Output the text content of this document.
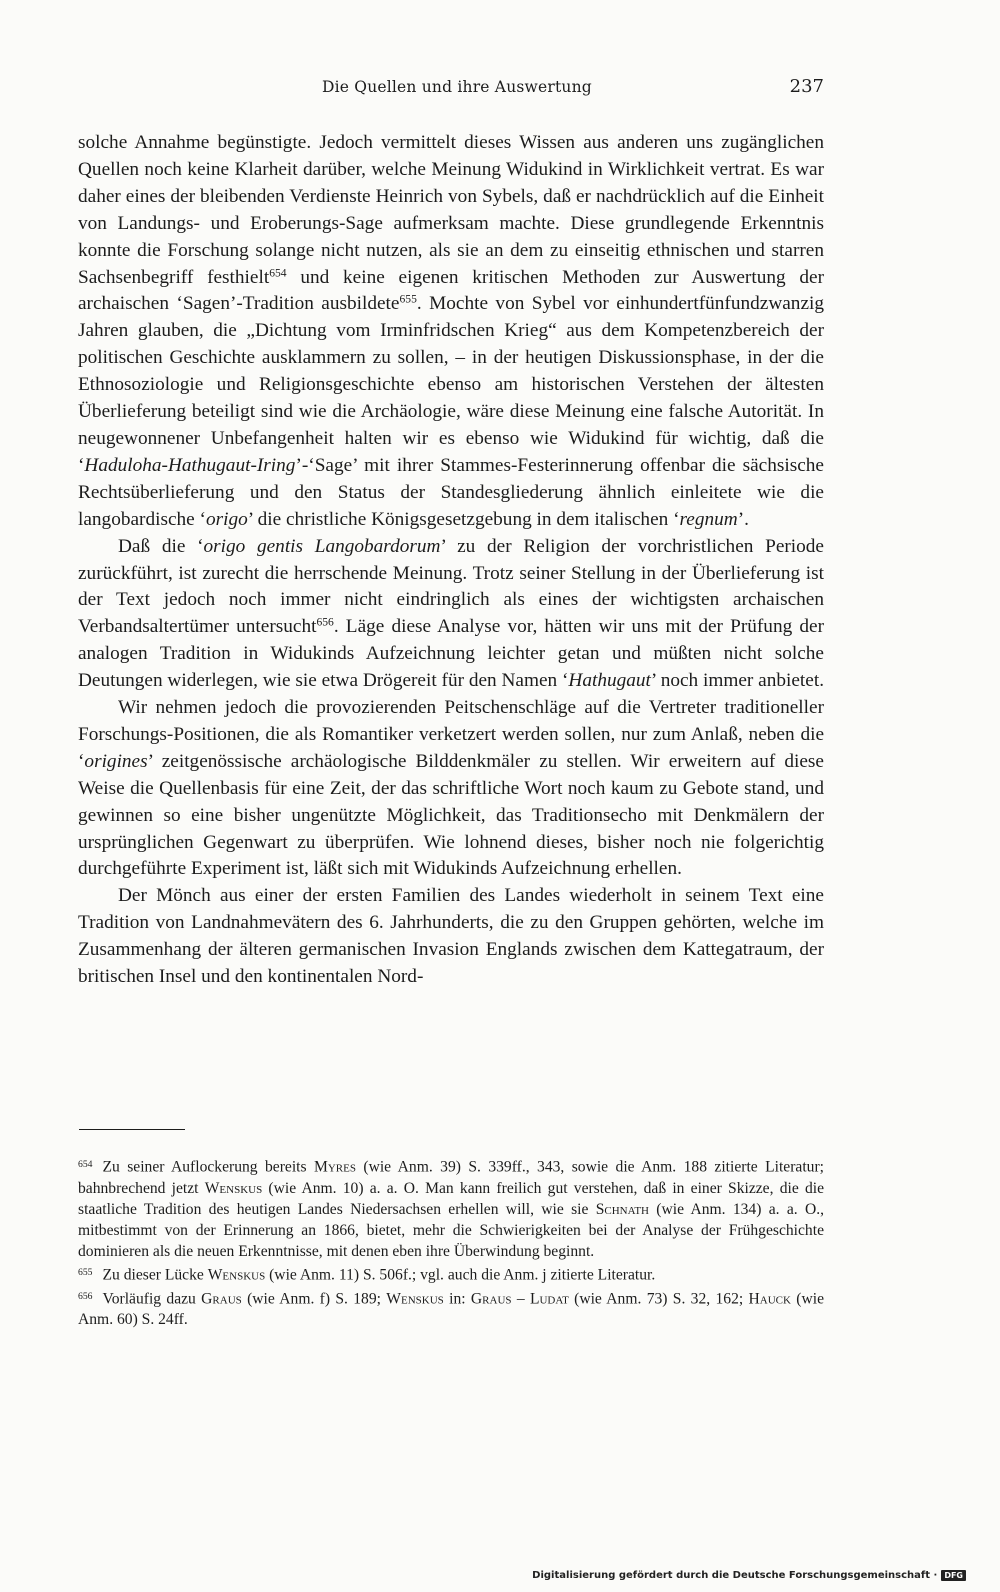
Die Quellen und ihre Auswertung	237

solche Annahme begünstigte. Jedoch vermittelt dieses Wissen aus anderen uns zugänglichen Quellen noch keine Klarheit darüber, welche Meinung Widukind in Wirklichkeit vertrat. Es war daher eines der bleibenden Verdienste Heinrich von Sybels, daß er nachdrücklich auf die Einheit von Landungs- und Eroberungs-Sage aufmerksam machte. Diese grundlegende Erkenntnis konnte die Forschung solange nicht nutzen, als sie an dem zu einseitig ethnischen und starren Sachsenbegriff festhielt$^{654}$ und keine eigenen kritischen Methoden zur Auswertung der archaischen ‘Sagen’-Tradition ausbildete$^{655}$. Mochte von Sybel vor einhundertfünfundzwanzig Jahren glauben, die „Dichtung vom Irminfridschen Krieg“ aus dem Kompetenzbereich der politischen Geschichte ausklammern zu sollen, – in der heutigen Diskussionsphase, in der die Ethnosoziologie und Religionsgeschichte ebenso am historischen Verstehen der ältesten Überlieferung beteiligt sind wie die Archäologie, wäre diese Meinung eine falsche Autorität. In neugewonnener Unbefangenheit halten wir es ebenso wie Widukind für wichtig, daß die ‘Haduloha-Hathugaut-Iring’-‘Sage’ mit ihrer Stammes-Festerinnerung offenbar die sächsische Rechtsüberlieferung und den Status der Standesgliederung ähnlich einleitete wie die langobardische ‘origo’ die christliche Königsgesetzgebung in dem italischen ‘regnum’.

Daß die ‘origo gentis Langobardorum’ zu der Religion der vorchristlichen Periode zurückführt, ist zurecht die herrschende Meinung. Trotz seiner Stellung in der Überlieferung ist der Text jedoch noch immer nicht eindringlich als eines der wichtigsten archaischen Verbandsaltertümer untersucht$^{656}$. Läge diese Analyse vor, hätten wir uns mit der Prüfung der analogen Tradition in Widukinds Aufzeichnung leichter getan und müßten nicht solche Deutungen widerlegen, wie sie etwa Drögereit für den Namen ‘Hathugaut’ noch immer anbietet.

Wir nehmen jedoch die provozierenden Peitschenschläge auf die Vertreter traditioneller Forschungs-Positionen, die als Romantiker verketzert werden sollen, nur zum Anlaß, neben die ‘origines’ zeitgenössische archäologische Bilddenkmäler zu stellen. Wir erweitern auf diese Weise die Quellenbasis für eine Zeit, der das schriftliche Wort noch kaum zu Gebote stand, und gewinnen so eine bisher ungenützte Möglichkeit, das Traditionsecho mit Denkmälern der ursprünglichen Gegenwart zu überprüfen. Wie lohnend dieses, bisher noch nie folgerichtig durchgeführte Experiment ist, läßt sich mit Widukinds Aufzeichnung erhellen.

Der Mönch aus einer der ersten Familien des Landes wiederholt in seinem Text eine Tradition von Landnahmevätern des 6. Jahrhunderts, die zu den Gruppen gehörten, welche im Zusammenhang der älteren germanischen Invasion Englands zwischen dem Kattegatraum, der britischen Insel und den kontinentalen Nord-

$^{654}$ Zu seiner Auflockerung bereits Myres (wie Anm. 39) S. 339ff., 343, sowie die Anm. 188 zitierte Literatur; bahnbrechend jetzt Wenskus (wie Anm. 10) a. a. O. Man kann freilich gut verstehen, daß in einer Skizze, die die staatliche Tradition des heutigen Landes Niedersachsen erhellen will, wie sie Schnath (wie Anm. 134) a. a. O., mitbestimmt von der Erinnerung an 1866, bietet, mehr die Schwierigkeiten bei der Analyse der Frühgeschichte dominieren als die neuen Erkenntnisse, mit denen eben ihre Überwindung beginnt.
$^{655}$ Zu dieser Lücke Wenskus (wie Anm. 11) S. 506f.; vgl. auch die Anm. j zitierte Literatur.
$^{656}$ Vorläufig dazu Graus (wie Anm. f) S. 189; Wenskus in: Graus – Ludat (wie Anm. 73) S. 32, 162; Hauck (wie Anm. 60) S. 24ff.
Digitalisierung gefördert durch die Deutsche Forschungsgemeinschaft · DFG
